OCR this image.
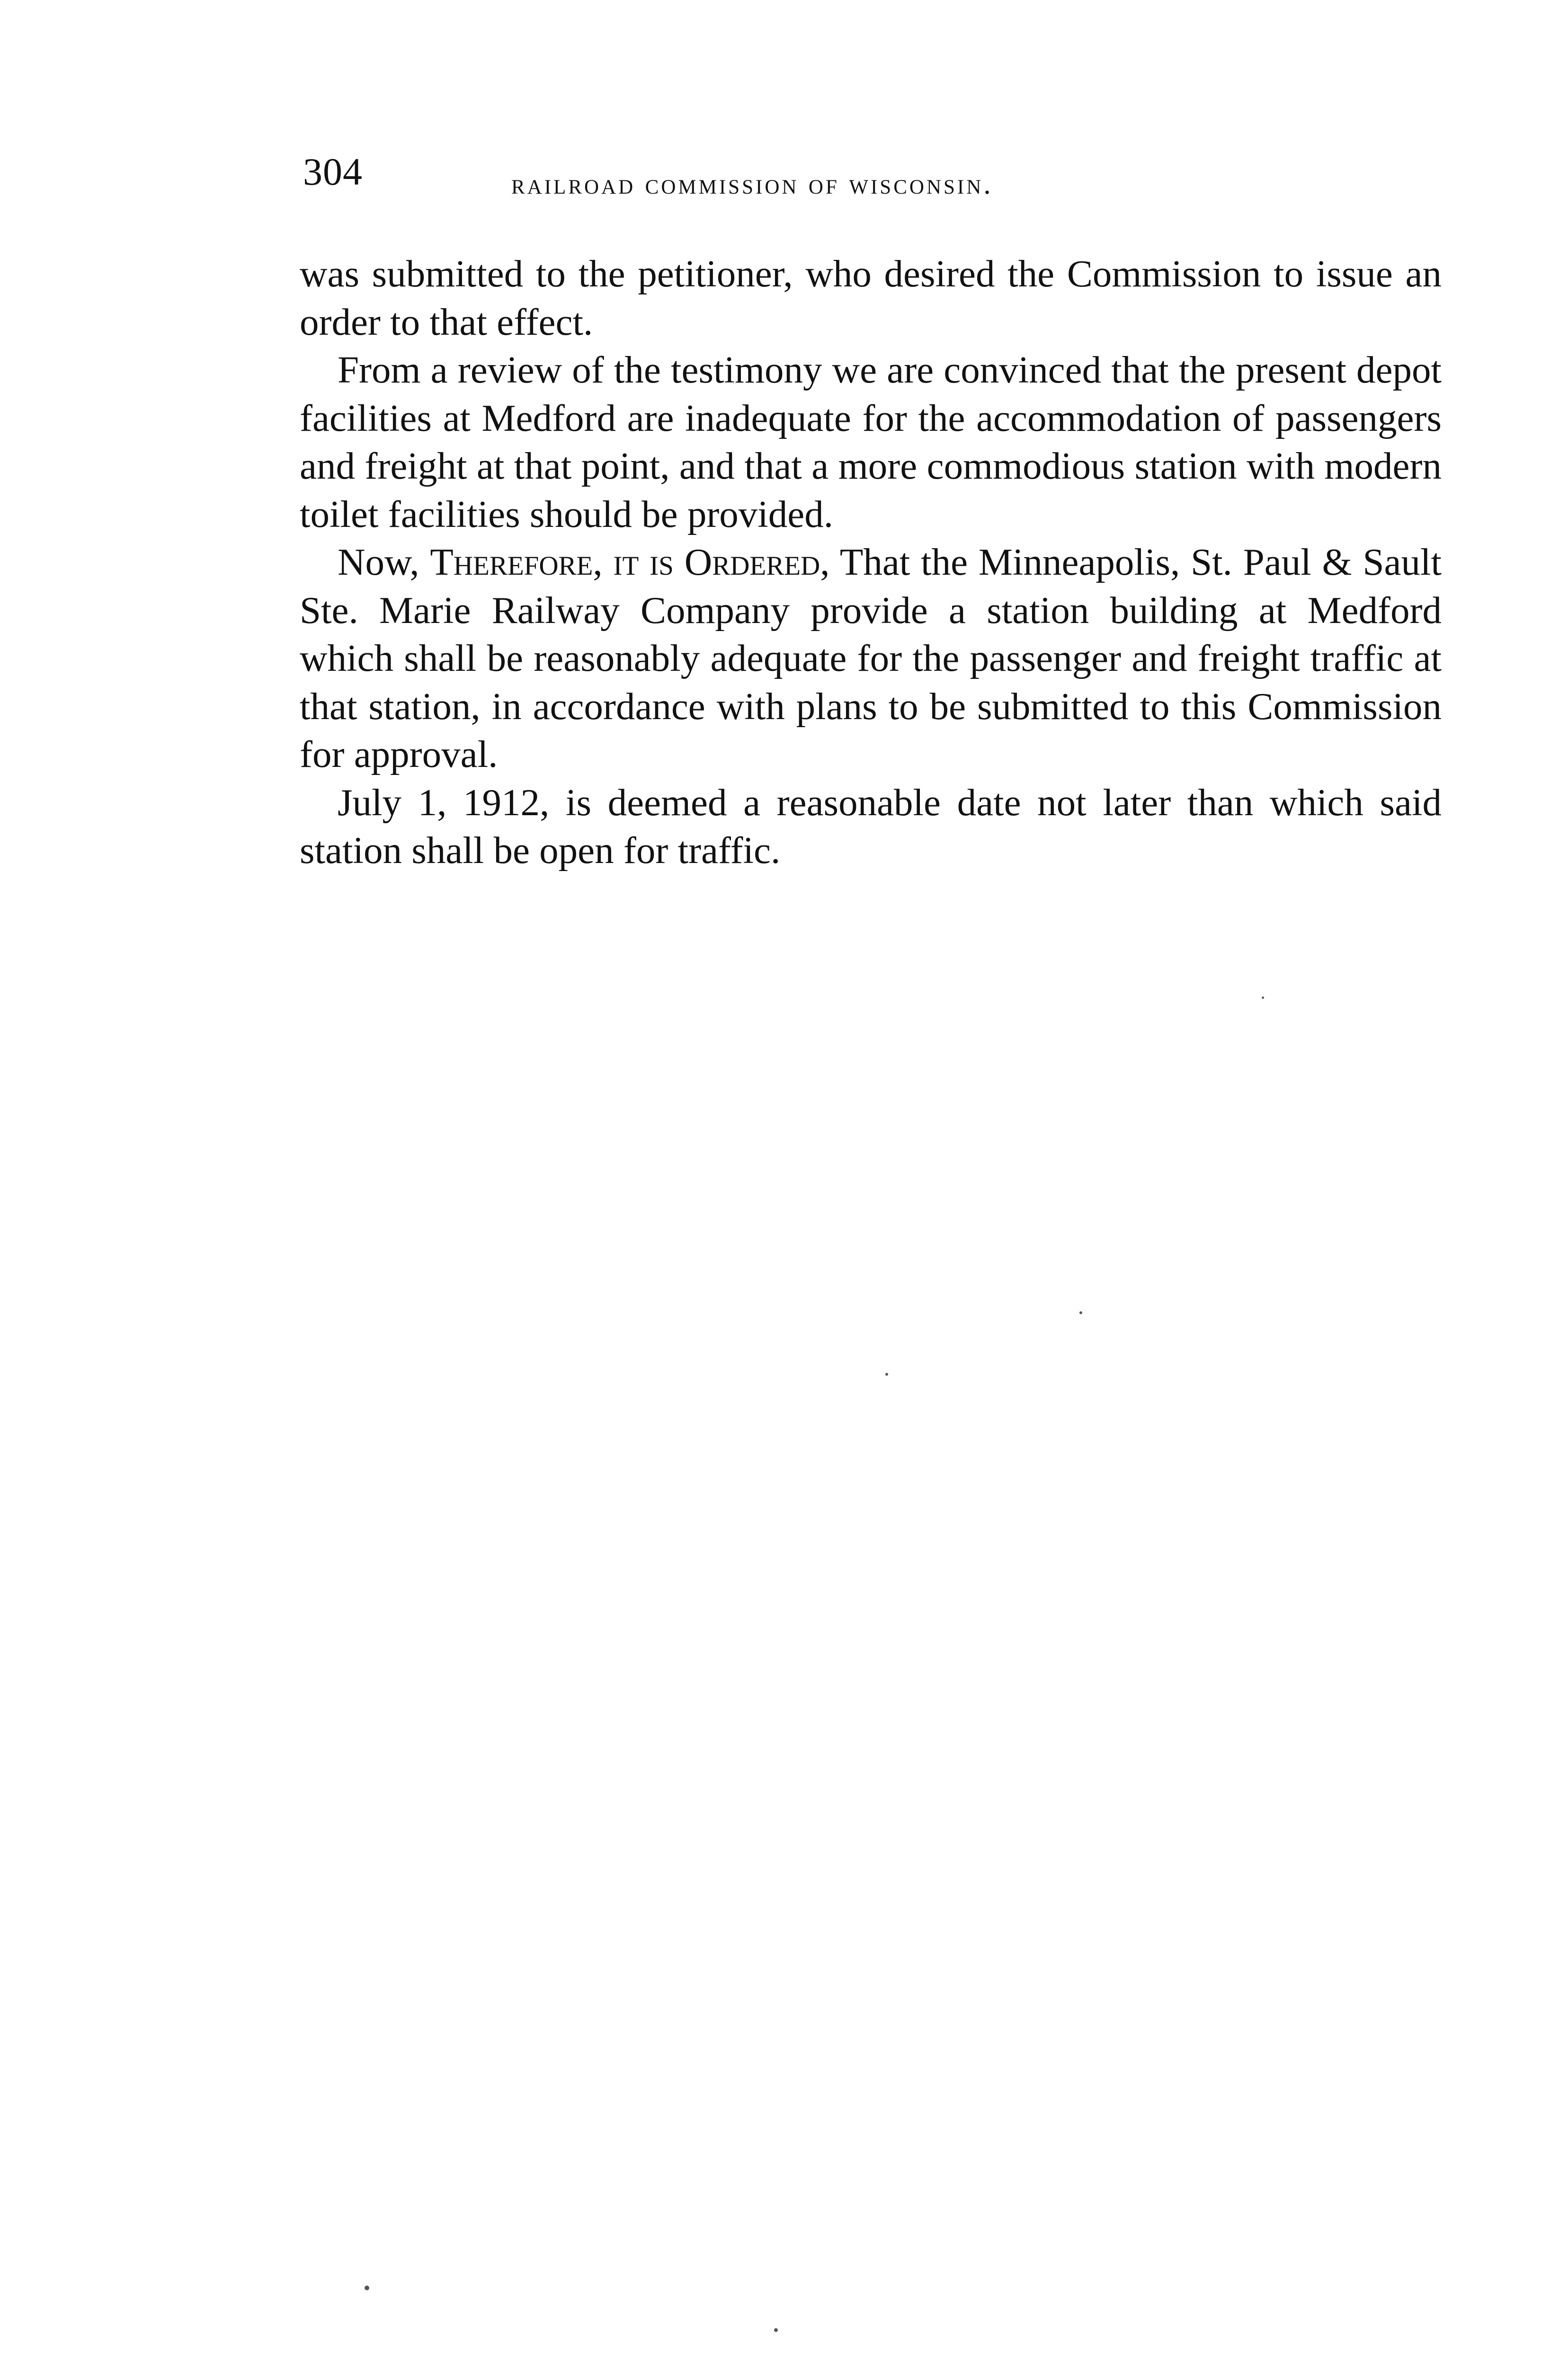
304	railroad commission of wisconsin.

was submitted to the petitioner, who desired the Commission to issue an order to that effect.

From a review of the testimony we are convinced that the present depot facilities at Medford are inadequate for the accommodation of passengers and freight at that point, and that a more commodious station with modern toilet facilities should be provided.

Now, Therefore, it is Ordered, That the Minneapolis, St. Paul & Sault Ste. Marie Railway Company provide a station building at Medford which shall be reasonably adequate for the passenger and freight traffic at that station, in accordance with plans to be submitted to this Commission for approval.

July 1, 1912, is deemed a reasonable date not later than which said station shall be open for traffic.
